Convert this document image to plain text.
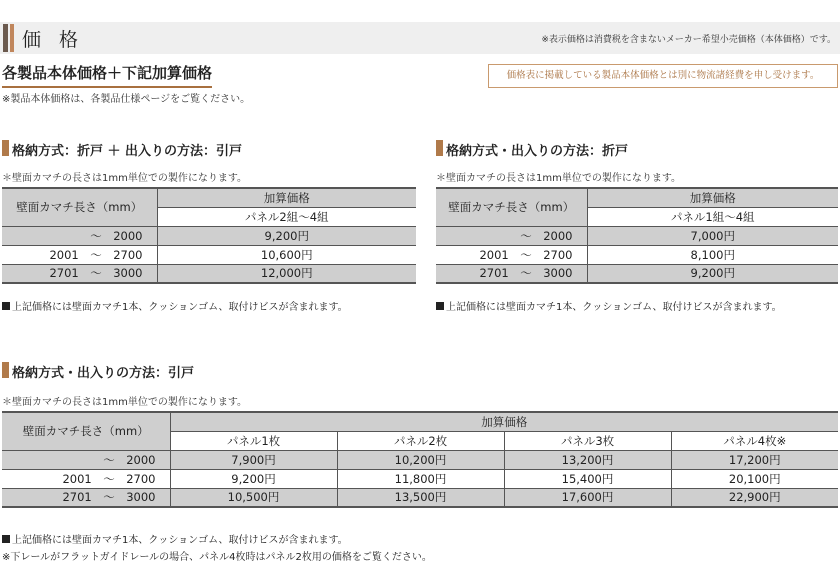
価 格	※表示価格は消費税を含まないメーカー希望小売価格（本体価格）です。
各製品本体価格＋下記加算価格
※製品本体価格は、各製品仕様ページをご覧ください。
価格表に掲載している製品本体価格とは別に物流諸経費を申し受けます。
格納方式：折戸 ＋ 出入りの方法：引戸
＊壁面カマチの長さは1mm単位での製作になります。
壁面カマチ長さ（mm）	加算価格
	パネル2組～4組
　～　 2000	9,200円
2001　 ～　 2700	10,600円
2701　 ～　 3000	12,000円
上記価格には壁面カマチ1本、クッションゴム、取付けビスが含まれます。
格納方式・出入りの方法：折戸
＊壁面カマチの長さは1mm単位での製作になります。
壁面カマチ長さ（mm）	加算価格
	パネル1組～4組
　～　 2000	7,000円
2001　 ～　 2700	8,100円
2701　 ～　 3000	9,200円
上記価格には壁面カマチ1本、クッションゴム、取付けビスが含まれます。
格納方式・出入りの方法：引戸
＊壁面カマチの長さは1mm単位での製作になります。
壁面カマチ長さ（mm）	加算価格			
	パネル1枚	パネル2枚	パネル3枚	パネル4枚※
　～　 2000	7,900円	10,200円	13,200円	17,200円
2001　 ～　 2700	9,200円	11,800円	15,400円	20,100円
2701　 ～　 3000	10,500円	13,500円	17,600円	22,900円
上記価格には壁面カマチ1本、クッションゴム、取付けビスが含まれます。
※下レールがフラットガイドレールの場合、パネル4枚時はパネル2枚用の価格をご覧ください。
